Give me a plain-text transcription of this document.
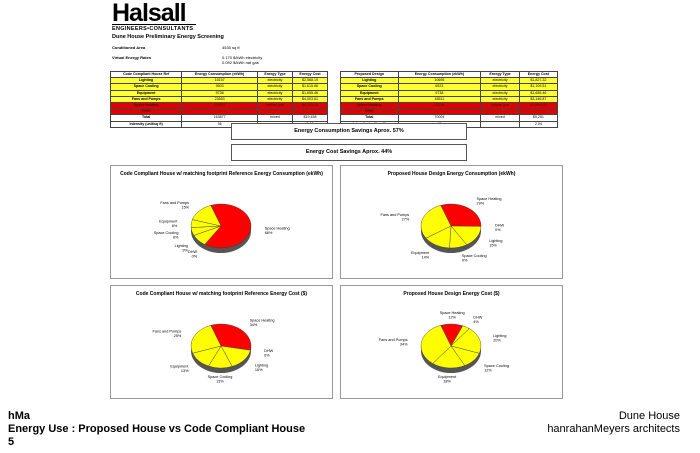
Halsall
ENGINEERS•CONSULTANTS
Dune House Preliminary Energy Screening
Conditioned Area	4535 sq ft
Virtual Energy Rates	0.170 $/kWh electricity
0.092 $/kWh nat gas
Code Compliant House Ref	Energy Consumption (ekWh)	Energy Type	Energy Cost
Lighting	15157	electricity	$2,568.19
Space Cooling	9503	electricity	$1,615.88
Equipment	9738	electricity	$1,655.46
Fans and Pumps	23553	electricity	$4,003.61
Space Heating	105927	natural gas	$9,745.14
DHW			
Total	163877	mixed	$19,458
Intensity (unit/sq ft)	36		
Proposed Design	Energy Consumption (ekWh)	Energy Type	Energy Cost
Lighting	10695	electricity	$1,827.32
Space Cooling	6523	electricity	$1,109.51
Equipment	9738	electricity	$1,655.46
Fans and Pumps	18511	electricity	$3,146.87
Space Heating	20218	natural gas	$1,860.05
DHW			
Total	70004	mixed	$9,251
			2.04
Energy Consumption Savings Aprox. 57%
Energy Cost Savings Aprox. 44%
Code Compliant House w/ matching footprint Reference Energy Consumption (ekWh)
Space Heating 66%
DHW 0%
Lighting 9%
Space Cooling 6%
Equipment 6%
Fans and Pumps 15%
Proposed House Design Energy Consumption (ekWh)
Space Heating 29%
DHW 0%
Lighting 15%
Space Cooling 9%
Equipment 14%
Fans and Pumps 27%
Code Compliant House w/ matching footprint Reference Energy Cost ($)
Space Heating 34%
DHW 0%
Lighting 16%
Space Cooling 13%
Equipment 13%
Fans and Pumps 25%
Proposed House Design Energy Cost ($)
Space Heating 12%	DHW 4%
Lighting 20%
Space Cooling 12%
Equipment 18%
Fans and Pumps 34%
hMa
Energy Use : Proposed House vs Code Compliant House
5
Dune House
hanrahanMeyers architects
